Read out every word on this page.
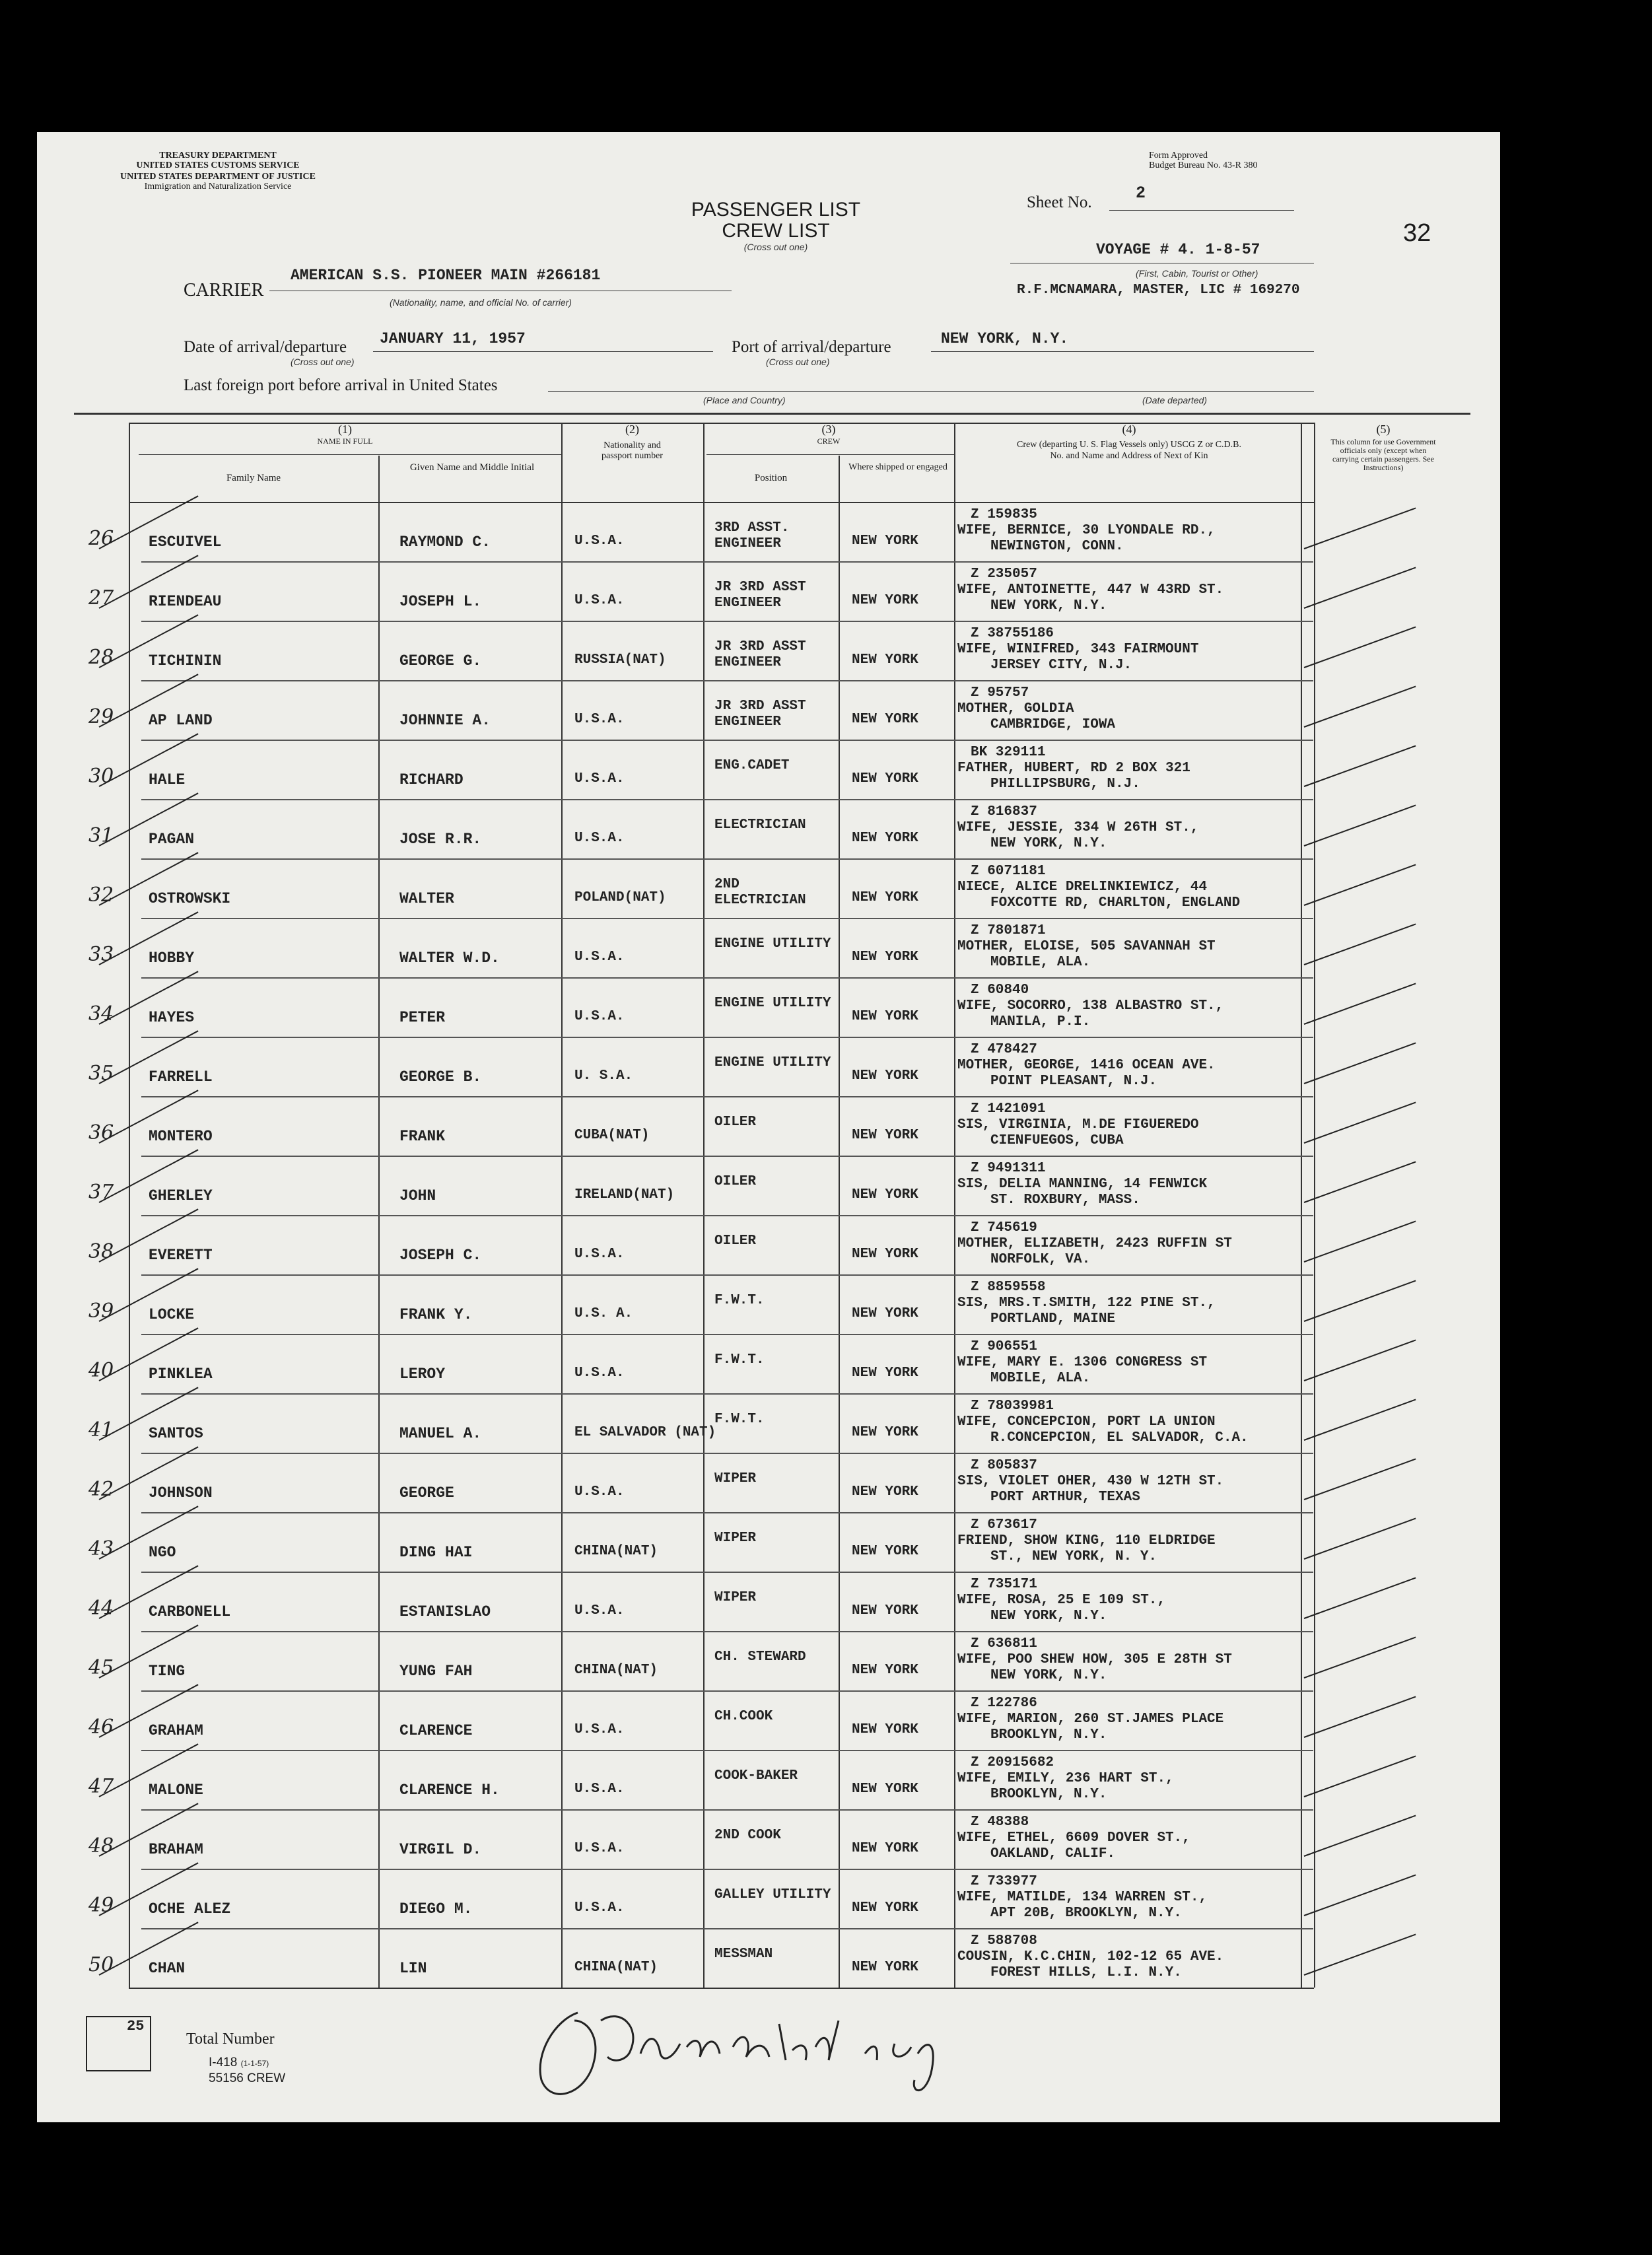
TREASURY DEPARTMENT
UNITED STATES CUSTOMS SERVICE
UNITED STATES DEPARTMENT OF JUSTICE
Immigration and Naturalization Service
Form Approved
Budget Bureau No. 43-R 380
PASSENGER LIST
CREW LIST
(Cross out one)
Sheet No.	2
32
CARRIER
AMERICAN S.S. PIONEER MAIN #266181
(Nationality, name, and official No. of carrier)
VOYAGE # 4. 1-8-57
(First, Cabin, Tourist or Other)
R.F.MCNAMARA, MASTER, LIC # 169270
Date of arrival/departure JANUARY 11, 1957
(Cross out one)
Port of arrival/departure	NEW YORK, N.Y.
(Cross out one)
Last foreign port before arrival in United States
(Place and Country)	(Date departed)
(1)
NAME IN FULL
Family Name
Given Name and Middle Initial
(2)
Nationality and passport number
(3)
CREW
Position
Where shipped or engaged
(4)
Crew (departing U. S. Flag Vessels only) USCG Z or C.D.B. No. and Name and Address of Next of Kin
(5)
This column for use Government officials only (except when carrying certain passengers. See Instructions)
26 ESCUIVEL	RAYMOND C.	U.S.A.
3RD ASST. ENGINEER	NEW YORK
Z 159835
WIFE, BERNICE, 30 LYONDALE RD.,
NEWINGTON, CONN.
27 RIENDEAU	JOSEPH L.	U.S.A.
JR 3RD ASST ENGINEER	NEW YORK
Z 235057
WIFE, ANTOINETTE, 447 W 43RD ST.
NEW YORK, N.Y.
28 TICHININ	GEORGE G.	RUSSIA(NAT)
JR 3RD ASST ENGINEER	NEW YORK
Z 38755186
WIFE, WINIFRED, 343 FAIRMOUNT
JERSEY CITY, N.J.
29 AP LAND	JOHNNIE A.	U.S.A.
JR 3RD ASST ENGINEER	NEW YORK
Z 95757
MOTHER, GOLDIA
CAMBRIDGE, IOWA
30 HALE	RICHARD	U.S.A.
ENG.CADET
NEW YORK
BK 329111
FATHER, HUBERT, RD 2 BOX 321
PHILLIPSBURG, N.J.
31 PAGAN	JOSE R.R.	U.S.A.
ELECTRICIAN
NEW YORK
Z 816837
WIFE, JESSIE, 334 W 26TH ST.,
NEW YORK, N.Y.
32 OSTROWSKI	WALTER	POLAND(NAT)
2ND ELECTRICIAN	NEW YORK
Z 6071181
NIECE, ALICE DRELINKIEWICZ, 44
FOXCOTTE RD, CHARLTON, ENGLAND
33 HOBBY	WALTER W.D.	U.S.A.
ENGINE UTILITY
NEW YORK
Z 7801871
MOTHER, ELOISE, 505 SAVANNAH ST
MOBILE, ALA.
34 HAYES	PETER	U.S.A.
ENGINE UTILITY
NEW YORK
Z 60840
WIFE, SOCORRO, 138 ALBASTRO ST.,
MANILA, P.I.
35 FARRELL	GEORGE B.	U. S.A.
ENGINE UTILITY
NEW YORK
Z 478427
MOTHER, GEORGE, 1416 OCEAN AVE.
POINT PLEASANT, N.J.
36 MONTERO	FRANK	CUBA(NAT)
OILER
NEW YORK
Z 1421091
SIS, VIRGINIA, M.DE FIGUEREDO
CIENFUEGOS, CUBA
37 GHERLEY	JOHN	IRELAND(NAT)
OILER
NEW YORK
Z 9491311
SIS, DELIA MANNING, 14 FENWICK
ST. ROXBURY, MASS.
38 EVERETT	JOSEPH C.	U.S.A.
OILER
NEW YORK
Z 745619
MOTHER, ELIZABETH, 2423 RUFFIN ST
NORFOLK, VA.
39 LOCKE	FRANK Y.	U.S. A.
F.W.T.
NEW YORK
Z 8859558
SIS, MRS.T.SMITH, 122 PINE ST.,
PORTLAND, MAINE
40 PINKLEA	LEROY	U.S.A.
F.W.T.
NEW YORK
Z 906551
WIFE, MARY E. 1306 CONGRESS ST
MOBILE, ALA.
41 SANTOS	MANUEL A.	EL SALVADOR (NAT)
F.W.T.
NEW YORK
Z 78039981
WIFE, CONCEPCION, PORT LA UNION
R.CONCEPCION, EL SALVADOR, C.A.
42 JOHNSON	GEORGE	U.S.A.
WIPER
NEW YORK
Z 805837
SIS, VIOLET OHER, 430 W 12TH ST.
PORT ARTHUR, TEXAS
43 NGO	DING HAI	CHINA(NAT)
WIPER
NEW YORK
Z 673617
FRIEND, SHOW KING, 110 ELDRIDGE
ST., NEW YORK, N. Y.
44 CARBONELL	ESTANISLAO	U.S.A.
WIPER
NEW YORK
Z 735171
WIFE, ROSA, 25 E 109 ST.,
NEW YORK, N.Y.
45 TING	YUNG FAH	CHINA(NAT)
CH. STEWARD
NEW YORK
Z 636811
WIFE, POO SHEW HOW, 305 E 28TH ST
NEW YORK, N.Y.
46 GRAHAM	CLARENCE	U.S.A.
CH.COOK
NEW YORK
Z 122786
WIFE, MARION, 260 ST.JAMES PLACE
BROOKLYN, N.Y.
47 MALONE	CLARENCE H.	U.S.A.
COOK-BAKER
NEW YORK
Z 20915682
WIFE, EMILY, 236 HART ST.,
BROOKLYN, N.Y.
48 BRAHAM	VIRGIL D.	U.S.A.
2ND COOK
NEW YORK
Z 48388
WIFE, ETHEL, 6609 DOVER ST.,
OAKLAND, CALIF.
49 OCHE ALEZ	DIEGO M.	U.S.A.
GALLEY UTILITY
NEW YORK
Z 733977
WIFE, MATILDE, 134 WARREN ST.,
APT 20B, BROOKLYN, N.Y.
50 CHAN	LIN	CHINA(NAT)
MESSMAN
NEW YORK
Z 588708
COUSIN, K.C.CHIN, 102-12 65 AVE.
FOREST HILLS, L.I. N.Y.
25
Total Number
I-418 (1-1-57)
55156 CREW
